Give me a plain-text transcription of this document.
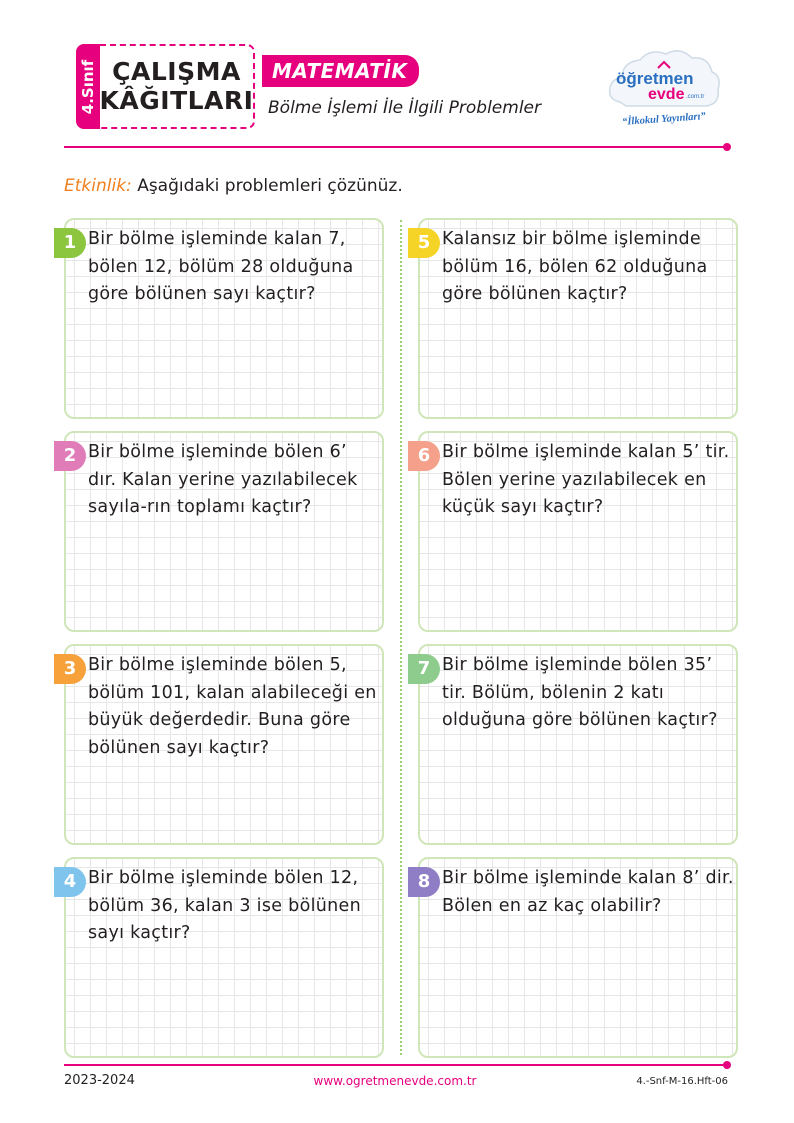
4.Sınıf ÇALIŞMA
KÂĞITLARI
MATEMATİK
Bölme İşlemi İle İlgili Problemler
öğretmen
evde .com.tr
“İlkokul Yayınları”
Etkinlik: Aşağıdaki problemleri çözünüz.
1 Bir bölme işleminde kalan 7, bölen 12, bölüm 28 olduğuna göre bölünen sayı kaçtır?
2 Bir bölme işleminde bölen 6’ dır. Kalan yerine yazılabilecek sayıla-rın toplamı kaçtır?
3 Bir bölme işleminde bölen 5, bölüm 101, kalan alabileceği en büyük değerdedir. Buna göre bölünen sayı kaçtır?
4 Bir bölme işleminde bölen 12, bölüm 36, kalan 3 ise bölünen sayı kaçtır?
5 Kalansız bir bölme işleminde bölüm 16, bölen 62 olduğuna göre bölünen kaçtır?
6 Bir bölme işleminde kalan 5’ tir. Bölen yerine yazılabilecek en küçük sayı kaçtır?
7 Bir bölme işleminde bölen 35’ tir. Bölüm, bölenin 2 katı olduğuna göre bölünen kaçtır?
8 Bir bölme işleminde kalan 8’ dir. Bölen en az kaç olabilir?
2023-2024	www.ogretmenevde.com.tr	4.-Snf-M-16.Hft-06
